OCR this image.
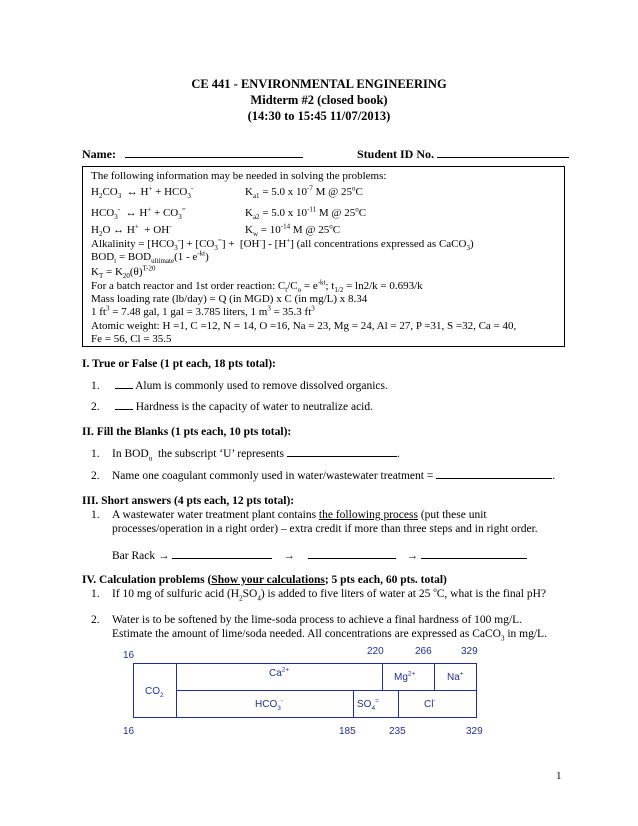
CE 441 - ENVIRONMENTAL ENGINEERING
Midterm #2 (closed book)
(14:30 to 15:45 11/07/2013)
Name:	Student ID No.
The following information may be needed in solving the problems:
$H_2CO_3$  ↔ $H^+ + HCO_3^-$	$K_{a1} = 5.0$ x $10^{-7}$ M @ 25$^o$C
$HCO_3^-$  ↔ $H^+ + CO_3^=$	$K_{a2} = 5.0$ x $10^{-11}$ M @ 25$^o$C
$H_2O$ ↔ H+  + OH-	$K_w = 10^{-14}$ M @ 25$^o$C
Alkalinity = $[HCO_3^-] + [CO_3^=] + [OH^-] - [H^+]$ (all concentrations expressed as CaCO$_3$)
$BOD_t = BOD_{ultimate}(1 - e^{-kt})$
$K_T = K_{20}(\theta)^{T-20}$
For a batch reactor and 1st order reaction: $C_t/C_o = e^{-kt}$; $t_{1/2} = \ln 2/k = 0.693/k$
Mass loading rate (lb/day) = Q (in MGD) x C (in mg/L) x 8.34
1 $ft^3 = 7.48$ gal, 1 gal = 3.785 liters, 1 $m^3 = 35.3$ $ft^3$
Atomic weight: H =1, C =12, N = 14, O =16, Na = 23, Mg = 24, Al = 27, P =31, S =32, Ca = 40,
Fe = 56, Cl = 35.5
I. True or False (1 pt each, 18 pts total):
1.	Alum is commonly used to remove dissolved organics.
2.	Hardness is the capacity of water to neutralize acid.
II. Fill the Blanks (1 pts each, 10 pts total):
1. In $BOD_u$  the subscript ‘U’ represents	.
2. Name one coagulant commonly used in water/wastewater treatment =	.
III. Short answers (4 pts each, 12 pts total):
1. A wastewater water treatment plant contains the following process (put these unit
processes/operation in a right order) – extra credit if more than three steps and in right order.
Bar Rack →	→	→
IV. Calculation problems (Show your calculations; 5 pts each, 60 pts. total)
1. If 10 mg of sulfuric acid $(H_2SO_4)$ is added to five liters of water at 25 $^o$C, what is the final pH?
2. Water is to be softened by the lime-soda process to achieve a final hardness of 100 mg/L.
Estimate the amount of lime/soda needed. All concentrations are expressed as CaCO$_3$ in mg/L.
16	220	266	329
$CO_2$
$Ca^{2+}$
$Mg^{2+}$	Na+
$HCO_3^-$	$SO_4^=$	Cl-
16	185	235	329
1
